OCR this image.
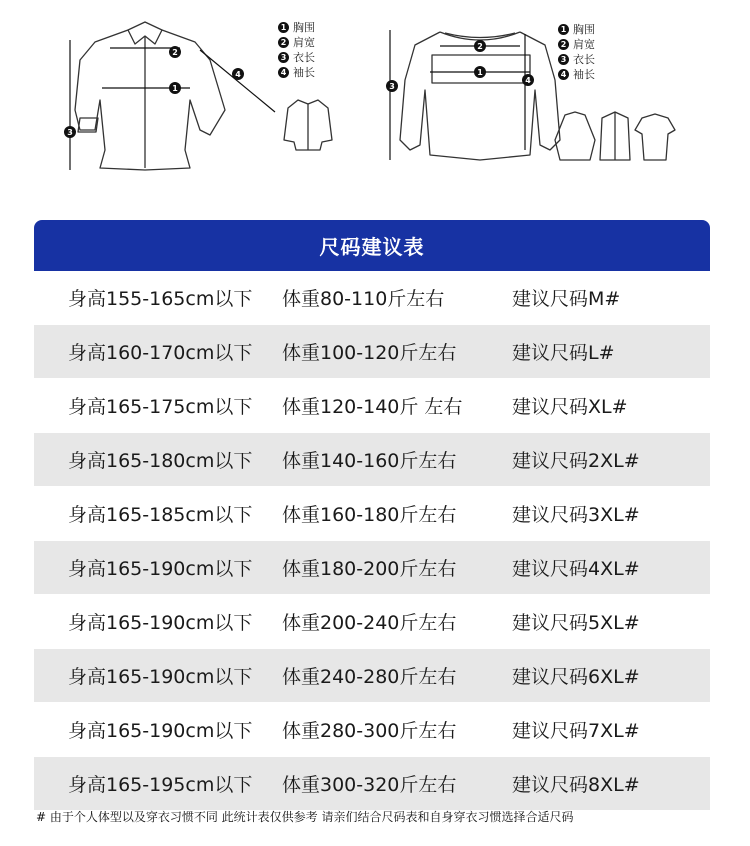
2
1
3
4
1 胸围
2 肩宽
3 衣长
4 袖长
2
1
3
4
1 胸围
2 肩宽
3 衣长
4 袖长
尺码建议表
身高155-165cm以下	体重80-110斤左右	建议尺码M#
身高160-170cm以下	体重100-120斤左右	建议尺码L#
身高165-175cm以下	体重120-140斤 左右	建议尺码XL#
身高165-180cm以下	体重140-160斤左右	建议尺码2XL#
身高165-185cm以下	体重160-180斤左右	建议尺码3XL#
身高165-190cm以下	体重180-200斤左右	建议尺码4XL#
身高165-190cm以下	体重200-240斤左右	建议尺码5XL#
身高165-190cm以下	体重240-280斤左右	建议尺码6XL#
身高165-190cm以下	体重280-300斤左右	建议尺码7XL#
身高165-195cm以下	体重300-320斤左右	建议尺码8XL#
# 由于个人体型以及穿衣习惯不同 此统计表仅供参考 请亲们结合尺码表和自身穿衣习惯选择合适尺码
